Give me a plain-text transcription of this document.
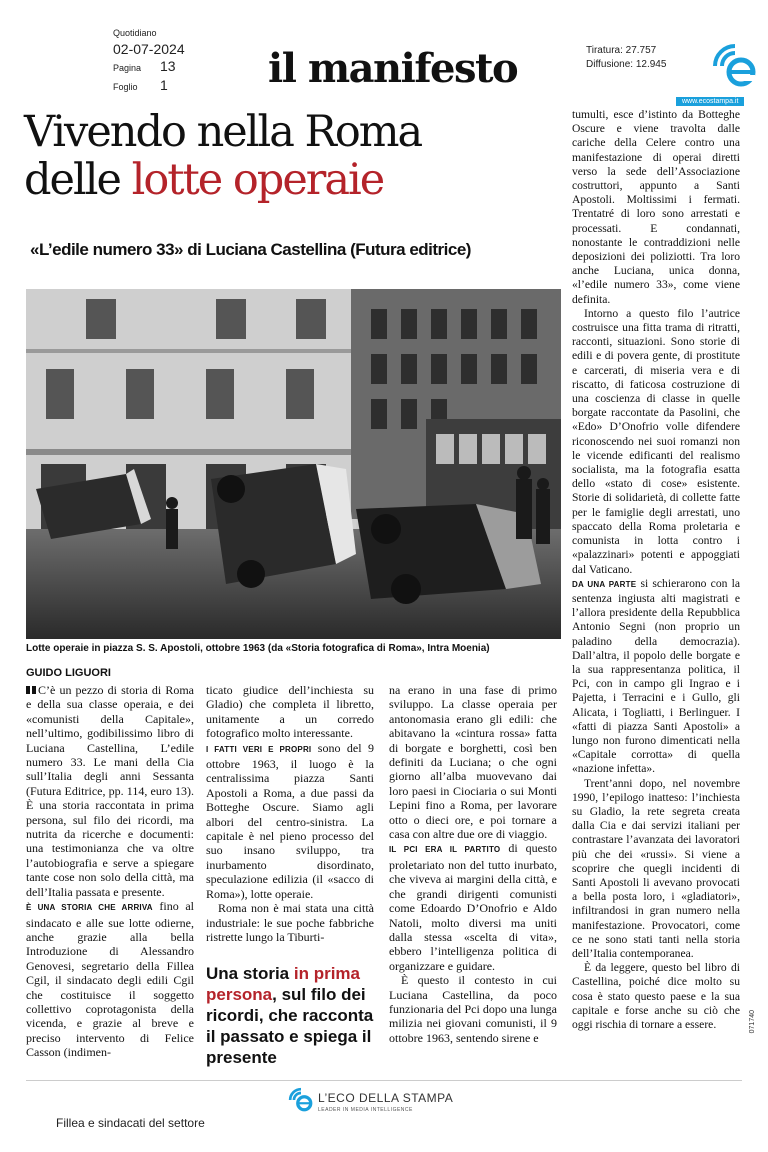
Quotidiano
02-07-2024
Pagina 13
Foglio 1	il manifesto	Tiratura: 27.757
Diffusione: 12.945
www.ecostampa.it
Vivendo nella Roma
delle lotte operaie
«L’edile numero 33» di Luciana Castellina (Futura editrice)
Lotte operaie in piazza S. S. Apostoli, ottobre 1963 (da «Storia fotografica di Roma», Intra Moenia)
GUIDO LIGUORI

C’è un pezzo di storia di Roma e della sua classe operaia, e dei «comunisti della Capitale», nell’ultimo, godibilissimo libro di Luciana Castellina, L’edile numero 33. Le mani della Cia sull’Italia degli anni Sessanta (Futura Editrice, pp. 114, euro 13). È una storia raccontata in prima persona, sul filo dei ricordi, ma nutrita da ricerche e documenti: una testimonianza che va oltre l’autobiografia e serve a spiegare tante cose non solo della città, ma dell’Italia passata e presente.

È UNA STORIA CHE ARRIVA fino al sindacato e alle sue lotte odierne, anche grazie alla bella Introduzione di Alessandro Genovesi, segretario della Fillea Cgil, il sindacato degli edili Cgil che costituisce il soggetto collettivo coprotagonista della vicenda, e grazie al breve e preciso intervento di Felice Casson (indimen-

ticato giudice dell’inchiesta su Gladio) che completa il libretto, unitamente a un corredo fotografico molto interessante.

I FATTI VERI E PROPRI sono del 9 ottobre 1963, il luogo è la centralissima piazza Santi Apostoli a Roma, a due passi da Botteghe Oscure. Siamo agli albori del centro-sinistra. La capitale è nel pieno processo del suo insano sviluppo, tra inurbamento disordinato, speculazione edilizia (il «sacco di Roma»), lotte operaie.

Roma non è mai stata una città industriale: le sue poche fabbriche ristrette lungo la Tiburti-

Una storia in prima persona, sul filo dei ricordi, che racconta il passato e spiega il presente

na erano in una fase di primo sviluppo. La classe operaia per antonomasia erano gli edili: che abitavano la «cintura rossa» fatta di borgate e borghetti, così ben definiti da Luciana; o che ogni giorno all’alba muovevano dai loro paesi in Ciociaria o sui Monti Lepini fino a Roma, per lavorare otto o dieci ore, e poi tornare a casa con altre due ore di viaggio.

IL PCI ERA IL PARTITO di questo proletariato non del tutto inurbato, che viveva ai margini della città, e che grandi dirigenti comunisti come Edoardo D’Onofrio e Aldo Natoli, molto diversi ma uniti dalla stessa «scelta di vita», ebbero l’intelligenza politica di organizzare e guidare.

È questo il contesto in cui Luciana Castellina, da poco funzionaria del Pci dopo una lunga milizia nei giovani comunisti, il 9 ottobre 1963, sentendo sirene e

tumulti, esce d’istinto da Botteghe Oscure e viene travolta dalle cariche della Celere contro una manifestazione di operai diretti verso la sede dell’Associazione costruttori, appunto a Santi Apostoli. Moltissimi i fermati. Trentatré di loro sono arrestati e processati. E condannati, nonostante le contraddizioni nelle deposizioni dei poliziotti. Tra loro anche Luciana, unica donna, «l’edile numero 33», come viene definita.

Intorno a questo filo l’autrice costruisce una fitta trama di ritratti, racconti, situazioni. Sono storie di edili e di povera gente, di prostitute e carcerati, di miseria vera e di riscatto, di faticosa costruzione di una coscienza di classe in quelle borgate raccontate da Pasolini, che «Edo» D’Onofrio volle difendere riconoscendo nei suoi romanzi non le vicende edificanti del realismo socialista, ma la fotografia esatta dello «stato di cose» esistente. Storie di solidarietà, di collette fatte per le famiglie degli arrestati, uno spaccato della Roma proletaria e comunista in lotta contro i «palazzinari» potenti e appoggiati dal Vaticano.

DA UNA PARTE si schierarono con la sentenza ingiusta alti magistrati e l’allora presidente della Repubblica Antonio Segni (non proprio un paladino della democrazia). Dall’altra, il popolo delle borgate e la sua rappresentanza politica, il Pci, con in campo gli Ingrao e i Pajetta, i Terracini e i Gullo, gli Alicata, i Togliatti, i Berlinguer. I «fatti di piazza Santi Apostoli» a lungo non furono dimenticati nella «Capitale corrotta» di quella «nazione infetta».

Trent’anni dopo, nel novembre 1990, l’epilogo inatteso: l’inchiesta su Gladio, la rete segreta creata dalla Cia e dai servizi italiani per contrastare l’avanzata dei lavoratori più che dei «russi». Si viene a scoprire che quegli incidenti di Santi Apostoli li avevano provocati a bella posta loro, i «gladiatori», infiltrandosi in gran numero nella manifestazione. Provocatori, come ce ne sono stati tanti nella storia dell’Italia contemporanea.

È da leggere, questo bel libro di Castellina, poiché dice molto su cosa è stato questo paese e la sua capitale e forse anche su ciò che oggi rischia di tornare a essere.	071740
L’ECO DELLA STAMPA
LEADER IN MEDIA INTELLIGENCE
Fillea e sindacati del settore
